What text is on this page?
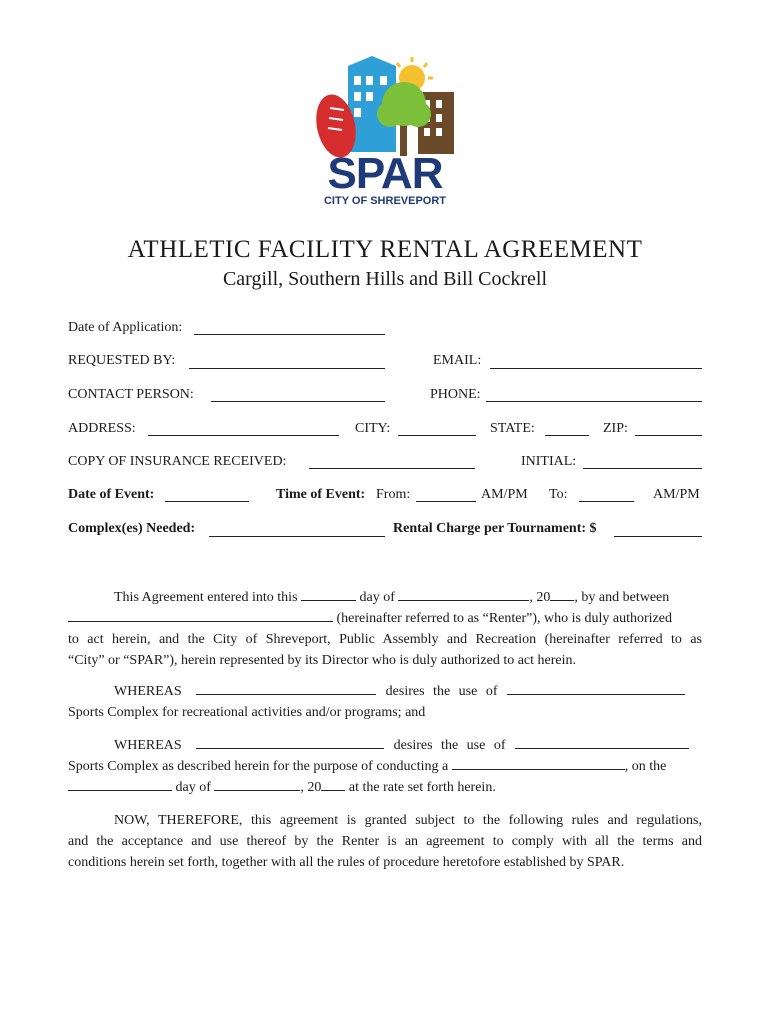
SPAR
CITY OF SHREVEPORT
ATHLETIC FACILITY RENTAL AGREEMENT
Cargill, Southern Hills and Bill Cockrell
Date of Application:
REQUESTED BY:	EMAIL:
CONTACT PERSON:	PHONE:
ADDRESS:	CITY:	STATE:	ZIP:
COPY OF INSURANCE RECEIVED:	INITIAL:
Date of Event:	Time of Event: From:	AM/PM To:	AM/PM
Complex(es) Needed:	Rental Charge per Tournament: $
This Agreement entered into this	day of	, 20 , by and between
(hereinafter referred to as “Renter”), who is duly authorized
to act herein, and the City of Shreveport, Public Assembly and Recreation (hereinafter referred to as
“City” or “SPAR”), herein represented by its Director who is duly authorized to act herein.
WHEREAS	desires the use of
Sports Complex for recreational activities and/or programs; and
WHEREAS	desires the use of
Sports Complex as described herein for the purpose of conducting a	, on the
day of	, 20 at the rate set forth herein.
NOW, THEREFORE, this agreement is granted subject to the following rules and regulations,
and the acceptance and use thereof by the Renter is an agreement to comply with all the terms and
conditions herein set forth, together with all the rules of procedure heretofore established by SPAR.
